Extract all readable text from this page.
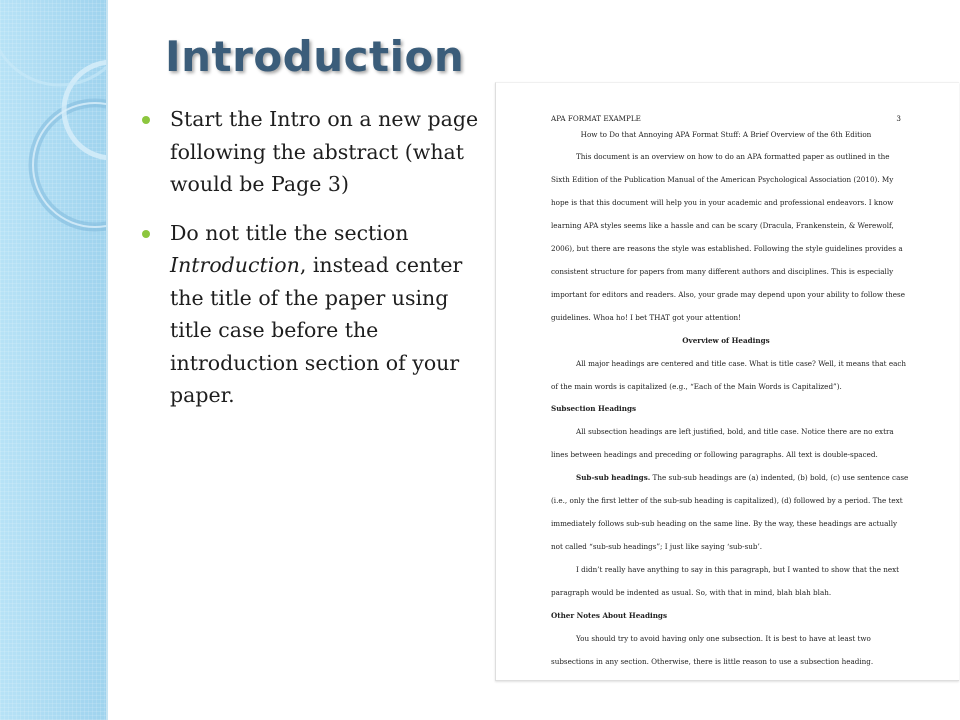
Introduction
Start the Intro on a new page following the abstract (what would be Page 3)
Do not title the section Introduction, instead center the title of the paper using title case before the introduction section of your paper.
APA FORMAT EXAMPLE	3
How to Do that Annoying APA Format Stuff: A Brief Overview of the 6th Edition
This document is an overview on how to do an APA formatted paper as outlined in the
Sixth Edition of the Publication Manual of the American Psychological Association (2010). My
hope is that this document will help you in your academic and professional endeavors. I know
learning APA styles seems like a hassle and can be scary (Dracula, Frankenstein, & Werewolf,
2006), but there are reasons the style was established. Following the style guidelines provides a
consistent structure for papers from many different authors and disciplines. This is especially
important for editors and readers. Also, your grade may depend upon your ability to follow these
guidelines. Whoa ho! I bet THAT got your attention!
Overview of Headings
All major headings are centered and title case. What is title case? Well, it means that each
of the main words is capitalized (e.g., “Each of the Main Words is Capitalized”).
Subsection Headings
All subsection headings are left justified, bold, and title case. Notice there are no extra
lines between headings and preceding or following paragraphs. All text is double-spaced.
Sub-sub headings. The sub-sub headings are (a) indented, (b) bold, (c) use sentence case
(i.e., only the first letter of the sub-sub heading is capitalized), (d) followed by a period. The text
immediately follows sub-sub heading on the same line. By the way, these headings are actually
not called “sub-sub headings”; I just like saying ‘sub-sub’.
I didn’t really have anything to say in this paragraph, but I wanted to show that the next
paragraph would be indented as usual. So, with that in mind, blah blah blah.
Other Notes About Headings
You should try to avoid having only one subsection. It is best to have at least two
subsections in any section. Otherwise, there is little reason to use a subsection heading.
